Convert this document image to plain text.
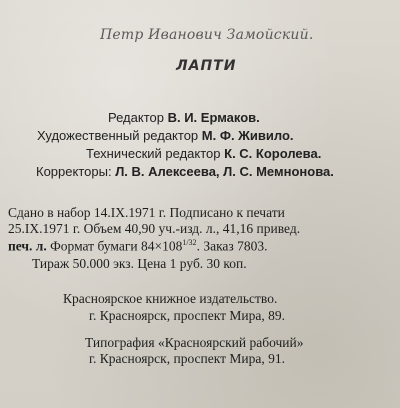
Петр Иванович Замойский.
ЛАПТИ
Редактор В. И. Ермаков.
Художественный редактор М. Ф. Живило.
Технический редактор К. С. Королева.
Корректоры: Л. В. Алексеева, Л. С. Мемнонова.
Сдано в набор 14.IX.1971 г. Подписано к печати
25.IX.1971 г. Объем 40,90 уч.-изд. л., 41,16 привед.
печ. л. Формат бумаги $84\times 108^{1/32}$. Заказ 7803.
Тираж 50.000 экз. Цена 1 руб. 30 коп.
Красноярское книжное издательство.
г. Красноярск, проспект Мира, 89.
Типография «Красноярский рабочий»
г. Красноярск, проспект Мира, 91.
